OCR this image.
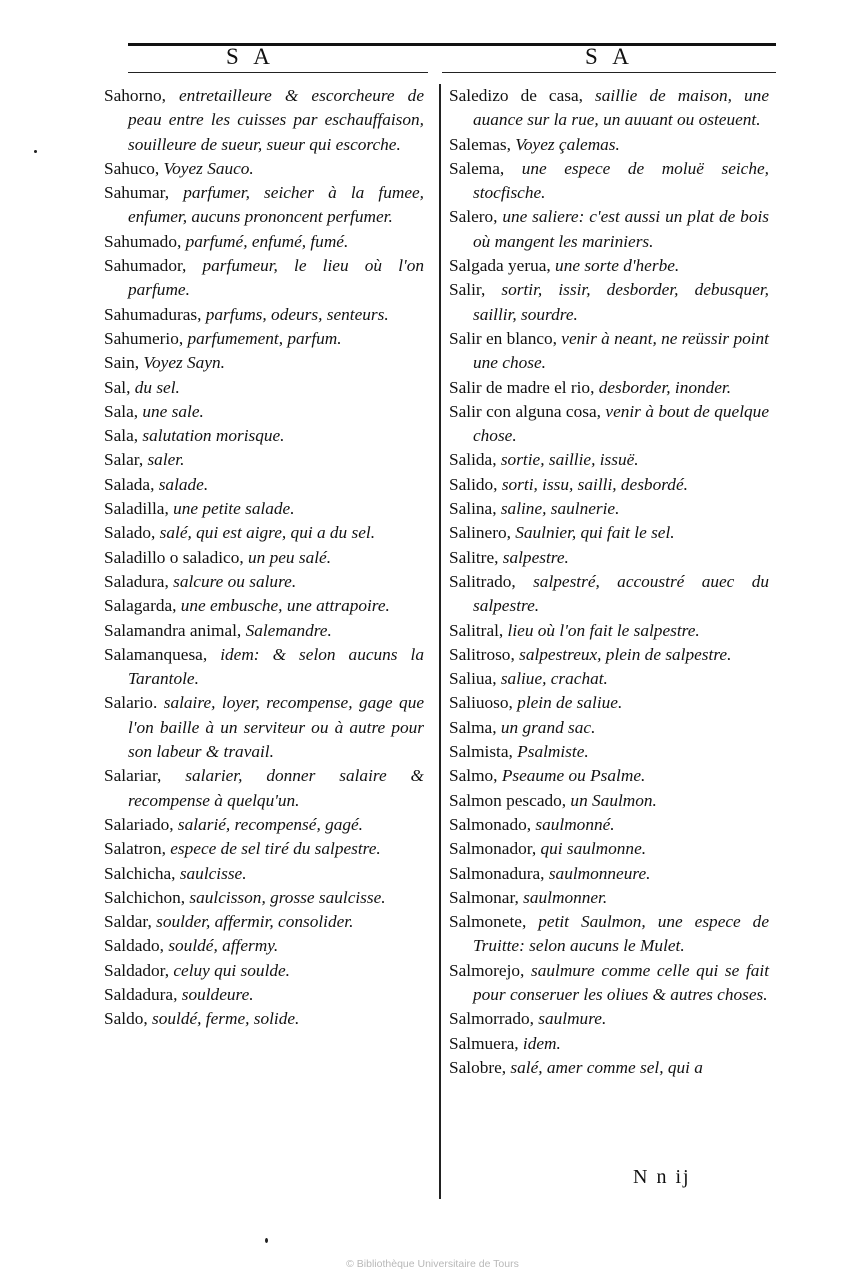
S A	S A
Sahorno, entretailleure & escorcheure de peau entre les cuisses par eschauffaison, souilleure de sueur, sueur qui escorche.
Sahuco, Voyez Sauco.
Sahumar, parfumer, seicher à la fumee, enfumer, aucuns prononcent perfumer.
Sahumado, parfumé, enfumé, fumé.
Sahumador, parfumeur, le lieu où l'on parfume.
Sahumaduras, parfums, odeurs, senteurs.
Sahumerio, parfumement, parfum.
Sain, Voyez Sayn.
Sal, du sel.
Sala, une sale.
Sala, salutation morisque.
Salar, saler.
Salada, salade.
Saladilla, une petite salade.
Salado, salé, qui est aigre, qui a du sel.
Saladillo o saladico, un peu salé.
Saladura, salcure ou salure.
Salagarda, une embusche, une attrapoire.
Salamandra animal, Salemandre.
Salamanquesa, idem: & selon aucuns la Tarantole.
Salario. salaire, loyer, recompense, gage que l'on baille à un serviteur ou à autre pour son labeur & travail.
Salariar, salarier, donner salaire & recompense à quelqu'un.
Salariado, salarié, recompensé, gagé.
Salatron, espece de sel tiré du salpestre.
Salchicha, saulcisse.
Salchichon, saulcisson, grosse saulcisse.
Saldar, soulder, affermir, consolider.
Saldado, souldé, affermy.
Saldador, celuy qui soulde.
Saldadura, souldeure.
Saldo, souldé, ferme, solide.
Saledizo de casa, saillie de maison, une auance sur la rue, un auuant ou osteuent.
Salemas, Voyez çalemas.
Salema, une espece de moluë seiche, stocfische.
Salero, une saliere: c'est aussi un plat de bois où mangent les mariniers.
Salgada yerua, une sorte d'herbe.
Salir, sortir, issir, desborder, debusquer, saillir, sourdre.
Salir en blanco, venir à neant, ne reüssir point une chose.
Salir de madre el rio, desborder, inonder.
Salir con alguna cosa, venir à bout de quelque chose.
Salida, sortie, saillie, issuë.
Salido, sorti, issu, sailli, desbordé.
Salina, saline, saulnerie.
Salinero, Saulnier, qui fait le sel.
Salitre, salpestre.
Salitrado, salpestré, accoustré auec du salpestre.
Salitral, lieu où l'on fait le salpestre.
Salitroso, salpestreux, plein de salpestre.
Saliua, saliue, crachat.
Saliuoso, plein de saliue.
Salma, un grand sac.
Salmista, Psalmiste.
Salmo, Pseaume ou Psalme.
Salmon pescado, un Saulmon.
Salmonado, saulmonné.
Salmonador, qui saulmonne.
Salmonadura, saulmonneure.
Salmonar, saulmonner.
Salmonete, petit Saulmon, une espece de Truitte: selon aucuns le Mulet.
Salmorejo, saulmure comme celle qui se fait pour conseruer les oliues & autres choses.
Salmorrado, saulmure.
Salmuera, idem.
Salobre, salé, amer comme sel, qui a
N n ij
© Bibliothèque Universitaire de Tours
